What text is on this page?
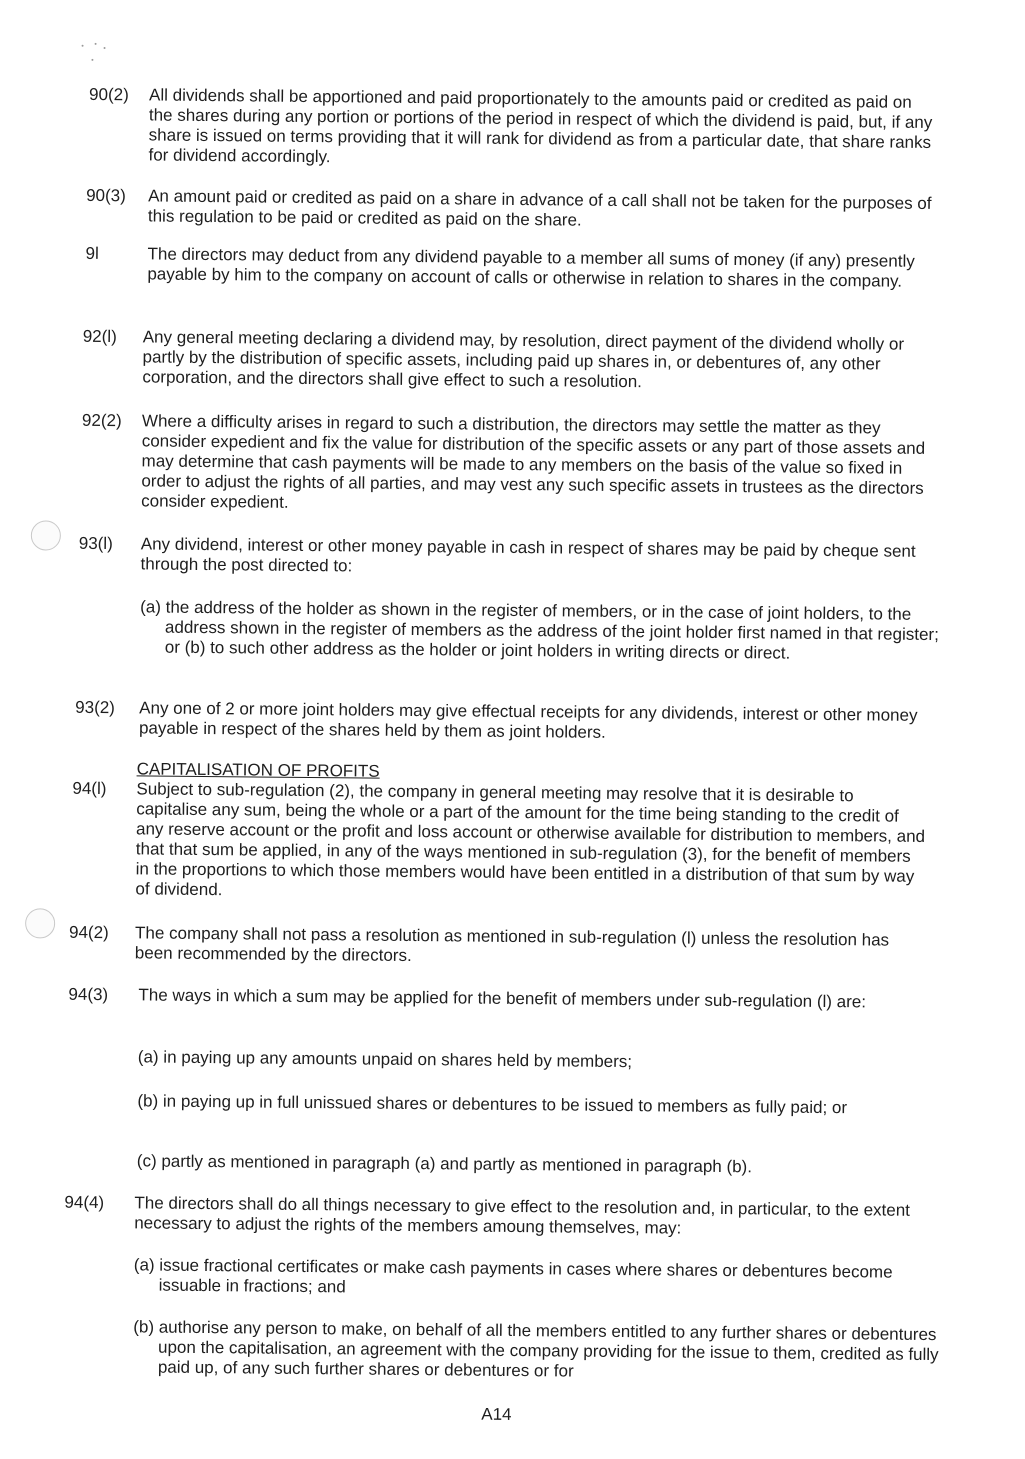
90(2)	All dividends shall be apportioned and paid proportionately to the amounts paid or credited as paid on the shares during any portion or portions of the period in respect of which the dividend is paid, but, if any share is issued on terms providing that it will rank for dividend as from a particular date, that share ranks for dividend accordingly.
90(3)	An amount paid or credited as paid on a share in advance of a call shall not be taken for the purposes of this regulation to be paid or credited as paid on the share.
9l	The directors may deduct from any dividend payable to a member all sums of money (if any) presently payable by him to the company on account of calls or otherwise in relation to shares in the company.
92(l)	Any general meeting declaring a dividend may, by resolution, direct payment of the dividend wholly or partly by the distribution of specific assets, including paid up shares in, or debentures of, any other corporation, and the directors shall give effect to such a resolution.
92(2)	Where a difficulty arises in regard to such a distribution, the directors may settle the matter as they consider expedient and fix the value for distribution of the specific assets or any part of those assets and may determine that cash payments will be made to any members on the basis of the value so fixed in order to adjust the rights of all parties, and may vest any such specific assets in trustees as the directors consider expedient.
93(l)	Any dividend, interest or other money payable in cash in respect of shares may be paid by cheque sent through the post directed to:
(a) the address of the holder as shown in the register of members, or in the case of joint holders, to the address shown in the register of members as the address of the joint holder first named in that register; or (b) to such other address as the holder or joint holders in writing directs or direct.
93(2)	Any one of 2 or more joint holders may give effectual receipts for any dividends, interest or other money payable in respect of the shares held by them as joint holders.
CAPITALISATION OF PROFITS
94(l)	Subject to sub-regulation (2), the company in general meeting may resolve that it is desirable to capitalise any sum, being the whole or a part of the amount for the time being standing to the credit of any reserve account or the profit and loss account or otherwise available for distribution to members, and that that sum be applied, in any of the ways mentioned in sub-regulation (3), for the benefit of members in the proportions to which those members would have been entitled in a distribution of that sum by way of dividend.
94(2)	The company shall not pass a resolution as mentioned in sub-regulation (l) unless the resolution has been recommended by the directors.
94(3)	The ways in which a sum may be applied for the benefit of members under sub-regulation (l) are:
(a) in paying up any amounts unpaid on shares held by members;
(b) in paying up in full unissued shares or debentures to be issued to members as fully paid; or
(c) partly as mentioned in paragraph (a) and partly as mentioned in paragraph (b).
94(4)	The directors shall do all things necessary to give effect to the resolution and, in particular, to the extent necessary to adjust the rights of the members amoung themselves, may:
(a) issue fractional certificates or make cash payments in cases where shares or debentures become issuable in fractions; and
(b) authorise any person to make, on behalf of all the members entitled to any further shares or debentures upon the capitalisation, an agreement with the company providing for the issue to them, credited as fully paid up, of any such further shares or debentures or for
A14
